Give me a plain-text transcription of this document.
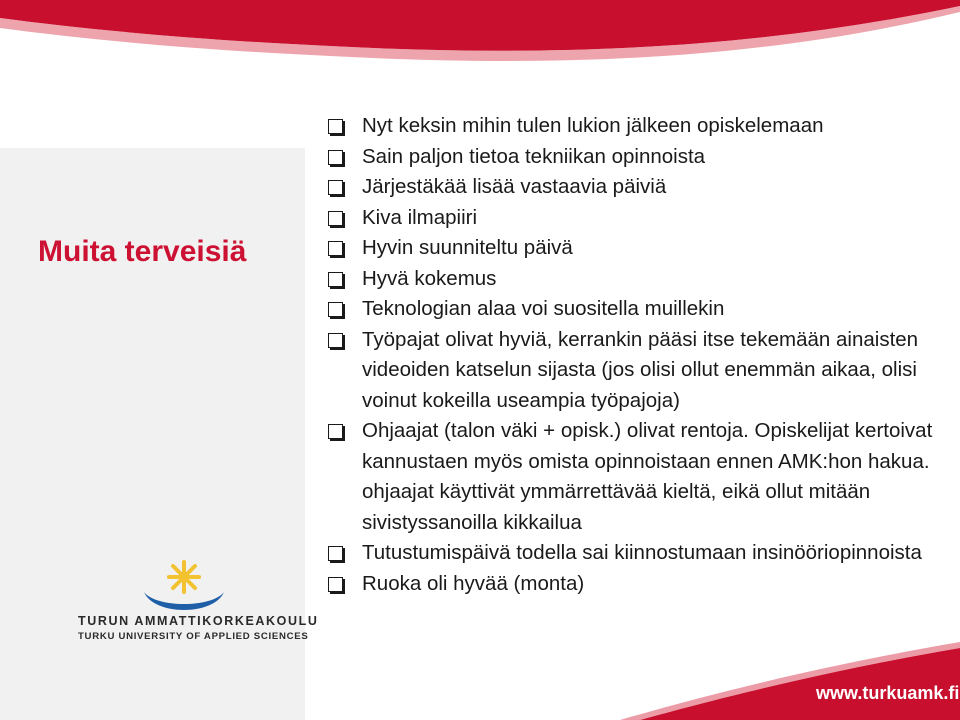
Muita terveisiä
Nyt keksin mihin tulen lukion jälkeen opiskelemaan
Sain paljon tietoa tekniikan opinnoista
Järjestäkää lisää vastaavia päiviä
Kiva ilmapiiri
Hyvin suunniteltu päivä
Hyvä kokemus
Teknologian alaa voi suositella muillekin
Työpajat olivat hyviä, kerrankin pääsi itse tekemään ainaisten videoiden katselun sijasta (jos olisi ollut enemmän aikaa, olisi voinut kokeilla useampia työpajoja)
Ohjaajat (talon väki + opisk.) olivat rentoja. Opiskelijat kertoivat kannustaen myös omista opinnoistaan ennen AMK:hon hakua. ohjaajat käyttivät ymmärrettävää kieltä, eikä ollut mitään sivistyssanoilla kikkailua
Tutustumispäivä todella sai kiinnostumaan insinööriopinnoista
Ruoka oli hyvää (monta)
TURUN AMMATTIKORKEAKOULU
TURKU UNIVERSITY OF APPLIED SCIENCES
www.turkuamk.fi
